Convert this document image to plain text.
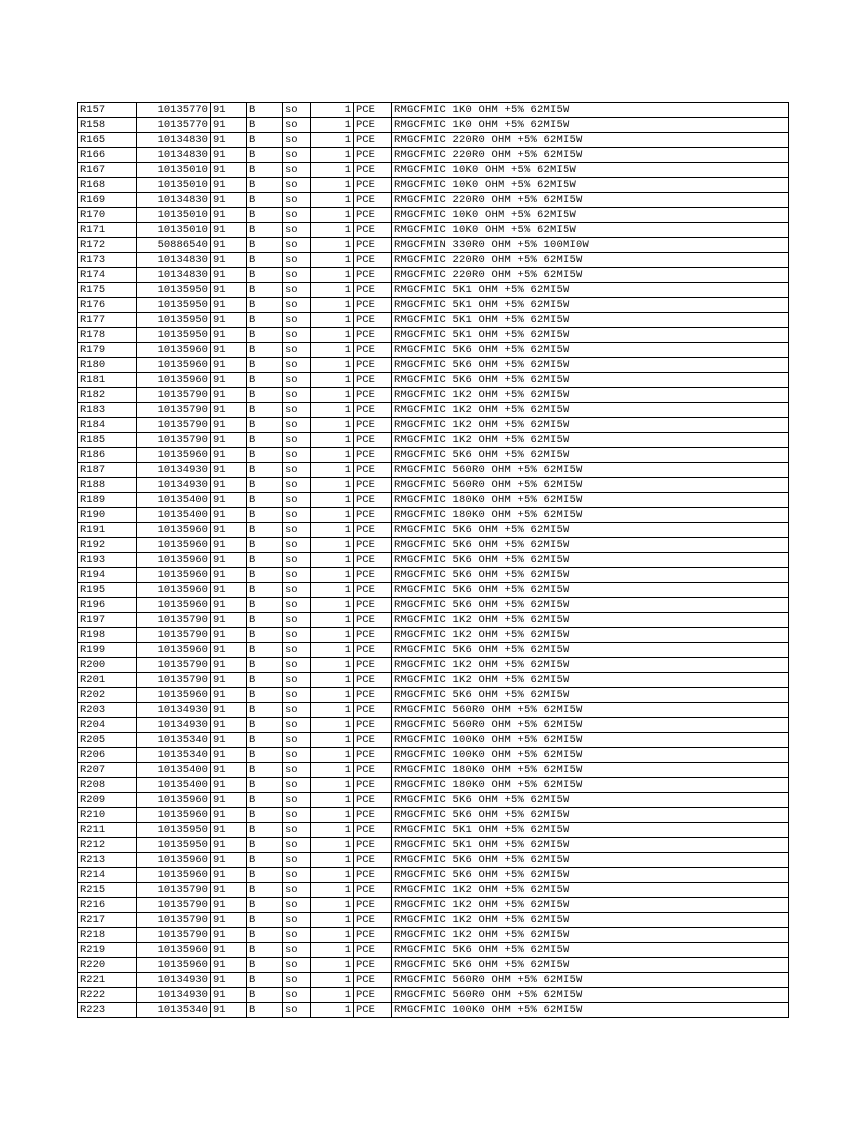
R157	10135770	91	B	so	1	PCE	RMGCFMIC 1K0 OHM +5% 62MI5W
R158	10135770	91	B	so	1	PCE	RMGCFMIC 1K0 OHM +5% 62MI5W
R165	10134830	91	B	so	1	PCE	RMGCFMIC 220R0 OHM +5% 62MI5W
R166	10134830	91	B	so	1	PCE	RMGCFMIC 220R0 OHM +5% 62MI5W
R167	10135010	91	B	so	1	PCE	RMGCFMIC 10K0 OHM +5% 62MI5W
R168	10135010	91	B	so	1	PCE	RMGCFMIC 10K0 OHM +5% 62MI5W
R169	10134830	91	B	so	1	PCE	RMGCFMIC 220R0 OHM +5% 62MI5W
R170	10135010	91	B	so	1	PCE	RMGCFMIC 10K0 OHM +5% 62MI5W
R171	10135010	91	B	so	1	PCE	RMGCFMIC 10K0 OHM +5% 62MI5W
R172	50886540	91	B	so	1	PCE	RMGCFMIN 330R0 OHM +5% 100MI0W
R173	10134830	91	B	so	1	PCE	RMGCFMIC 220R0 OHM +5% 62MI5W
R174	10134830	91	B	so	1	PCE	RMGCFMIC 220R0 OHM +5% 62MI5W
R175	10135950	91	B	so	1	PCE	RMGCFMIC 5K1 OHM +5% 62MI5W
R176	10135950	91	B	so	1	PCE	RMGCFMIC 5K1 OHM +5% 62MI5W
R177	10135950	91	B	so	1	PCE	RMGCFMIC 5K1 OHM +5% 62MI5W
R178	10135950	91	B	so	1	PCE	RMGCFMIC 5K1 OHM +5% 62MI5W
R179	10135960	91	B	so	1	PCE	RMGCFMIC 5K6 OHM +5% 62MI5W
R180	10135960	91	B	so	1	PCE	RMGCFMIC 5K6 OHM +5% 62MI5W
R181	10135960	91	B	so	1	PCE	RMGCFMIC 5K6 OHM +5% 62MI5W
R182	10135790	91	B	so	1	PCE	RMGCFMIC 1K2 OHM +5% 62MI5W
R183	10135790	91	B	so	1	PCE	RMGCFMIC 1K2 OHM +5% 62MI5W
R184	10135790	91	B	so	1	PCE	RMGCFMIC 1K2 OHM +5% 62MI5W
R185	10135790	91	B	so	1	PCE	RMGCFMIC 1K2 OHM +5% 62MI5W
R186	10135960	91	B	so	1	PCE	RMGCFMIC 5K6 OHM +5% 62MI5W
R187	10134930	91	B	so	1	PCE	RMGCFMIC 560R0 OHM +5% 62MI5W
R188	10134930	91	B	so	1	PCE	RMGCFMIC 560R0 OHM +5% 62MI5W
R189	10135400	91	B	so	1	PCE	RMGCFMIC 180K0 OHM +5% 62MI5W
R190	10135400	91	B	so	1	PCE	RMGCFMIC 180K0 OHM +5% 62MI5W
R191	10135960	91	B	so	1	PCE	RMGCFMIC 5K6 OHM +5% 62MI5W
R192	10135960	91	B	so	1	PCE	RMGCFMIC 5K6 OHM +5% 62MI5W
R193	10135960	91	B	so	1	PCE	RMGCFMIC 5K6 OHM +5% 62MI5W
R194	10135960	91	B	so	1	PCE	RMGCFMIC 5K6 OHM +5% 62MI5W
R195	10135960	91	B	so	1	PCE	RMGCFMIC 5K6 OHM +5% 62MI5W
R196	10135960	91	B	so	1	PCE	RMGCFMIC 5K6 OHM +5% 62MI5W
R197	10135790	91	B	so	1	PCE	RMGCFMIC 1K2 OHM +5% 62MI5W
R198	10135790	91	B	so	1	PCE	RMGCFMIC 1K2 OHM +5% 62MI5W
R199	10135960	91	B	so	1	PCE	RMGCFMIC 5K6 OHM +5% 62MI5W
R200	10135790	91	B	so	1	PCE	RMGCFMIC 1K2 OHM +5% 62MI5W
R201	10135790	91	B	so	1	PCE	RMGCFMIC 1K2 OHM +5% 62MI5W
R202	10135960	91	B	so	1	PCE	RMGCFMIC 5K6 OHM +5% 62MI5W
R203	10134930	91	B	so	1	PCE	RMGCFMIC 560R0 OHM +5% 62MI5W
R204	10134930	91	B	so	1	PCE	RMGCFMIC 560R0 OHM +5% 62MI5W
R205	10135340	91	B	so	1	PCE	RMGCFMIC 100K0 OHM +5% 62MI5W
R206	10135340	91	B	so	1	PCE	RMGCFMIC 100K0 OHM +5% 62MI5W
R207	10135400	91	B	so	1	PCE	RMGCFMIC 180K0 OHM +5% 62MI5W
R208	10135400	91	B	so	1	PCE	RMGCFMIC 180K0 OHM +5% 62MI5W
R209	10135960	91	B	so	1	PCE	RMGCFMIC 5K6 OHM +5% 62MI5W
R210	10135960	91	B	so	1	PCE	RMGCFMIC 5K6 OHM +5% 62MI5W
R211	10135950	91	B	so	1	PCE	RMGCFMIC 5K1 OHM +5% 62MI5W
R212	10135950	91	B	so	1	PCE	RMGCFMIC 5K1 OHM +5% 62MI5W
R213	10135960	91	B	so	1	PCE	RMGCFMIC 5K6 OHM +5% 62MI5W
R214	10135960	91	B	so	1	PCE	RMGCFMIC 5K6 OHM +5% 62MI5W
R215	10135790	91	B	so	1	PCE	RMGCFMIC 1K2 OHM +5% 62MI5W
R216	10135790	91	B	so	1	PCE	RMGCFMIC 1K2 OHM +5% 62MI5W
R217	10135790	91	B	so	1	PCE	RMGCFMIC 1K2 OHM +5% 62MI5W
R218	10135790	91	B	so	1	PCE	RMGCFMIC 1K2 OHM +5% 62MI5W
R219	10135960	91	B	so	1	PCE	RMGCFMIC 5K6 OHM +5% 62MI5W
R220	10135960	91	B	so	1	PCE	RMGCFMIC 5K6 OHM +5% 62MI5W
R221	10134930	91	B	so	1	PCE	RMGCFMIC 560R0 OHM +5% 62MI5W
R222	10134930	91	B	so	1	PCE	RMGCFMIC 560R0 OHM +5% 62MI5W
R223	10135340	91	B	so	1	PCE	RMGCFMIC 100K0 OHM +5% 62MI5W
